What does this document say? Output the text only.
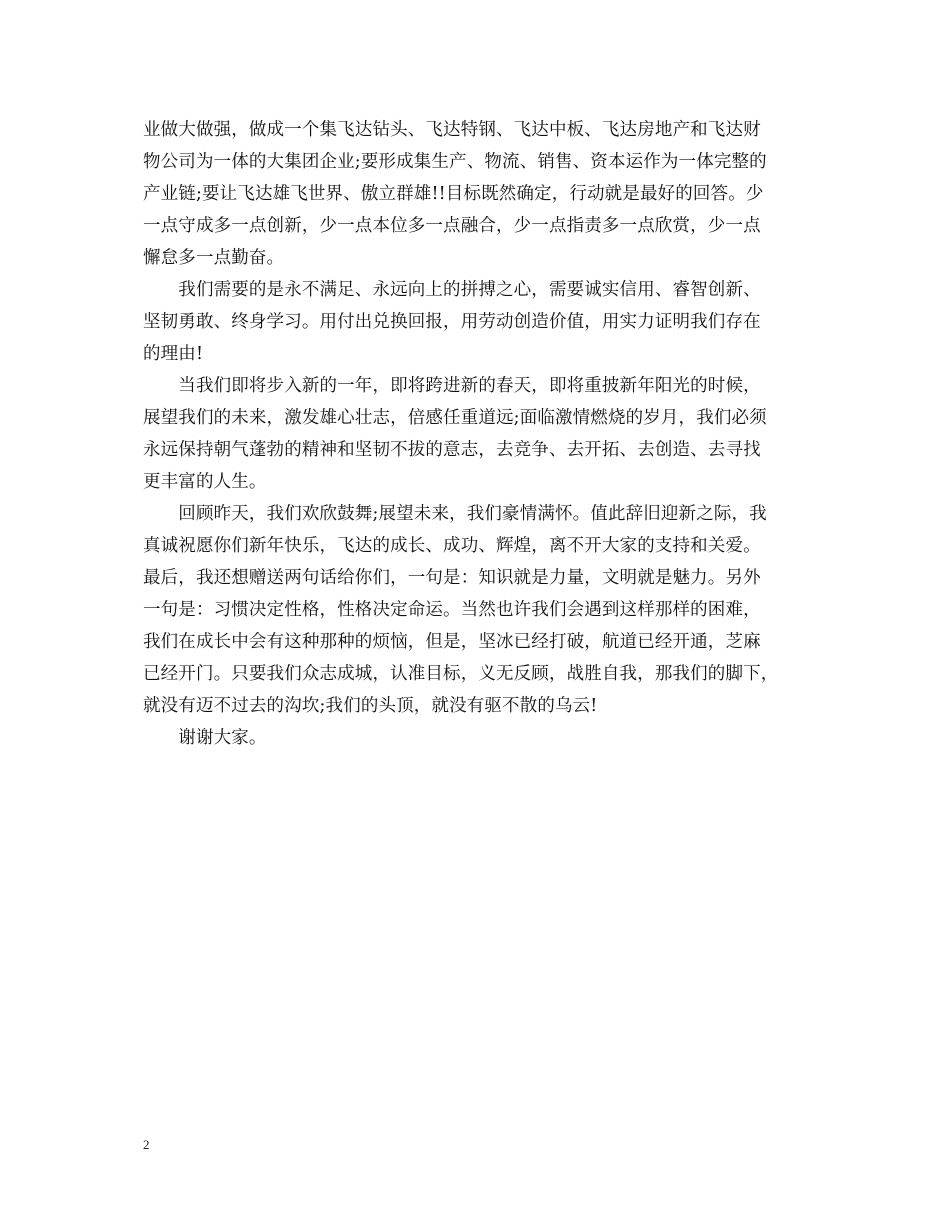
业做大做强，做成一个集飞达钻头、飞达特钢、飞达中板、飞达房地产和飞达财
物公司为一体的大集团企业;要形成集生产、物流、销售、资本运作为一体完整的
产业链;要让飞达雄飞世界、傲立群雄!!目标既然确定，行动就是最好的回答。少
一点守成多一点创新，少一点本位多一点融合，少一点指责多一点欣赏，少一点
懈怠多一点勤奋。
　　我们需要的是永不满足、永远向上的拼搏之心，需要诚实信用、睿智创新、
坚韧勇敢、终身学习。用付出兑换回报，用劳动创造价值，用实力证明我们存在
的理由!
　　当我们即将步入新的一年，即将跨进新的春天，即将重披新年阳光的时候，
展望我们的未来，激发雄心壮志，倍感任重道远;面临激情燃烧的岁月，我们必须
永远保持朝气蓬勃的精神和坚韧不拔的意志，去竞争、去开拓、去创造、去寻找
更丰富的人生。
　　回顾昨天，我们欢欣鼓舞;展望未来，我们豪情满怀。值此辞旧迎新之际，我
真诚祝愿你们新年快乐，飞达的成长、成功、辉煌，离不开大家的支持和关爱。
最后，我还想赠送两句话给你们，一句是：知识就是力量，文明就是魅力。另外
一句是：习惯决定性格，性格决定命运。当然也许我们会遇到这样那样的困难，
我们在成长中会有这种那种的烦恼，但是，坚冰已经打破，航道已经开通，芝麻
已经开门。只要我们众志成城，认准目标，义无反顾，战胜自我，那我们的脚下，
就没有迈不过去的沟坎;我们的头顶，就没有驱不散的乌云!
　　谢谢大家。
2
